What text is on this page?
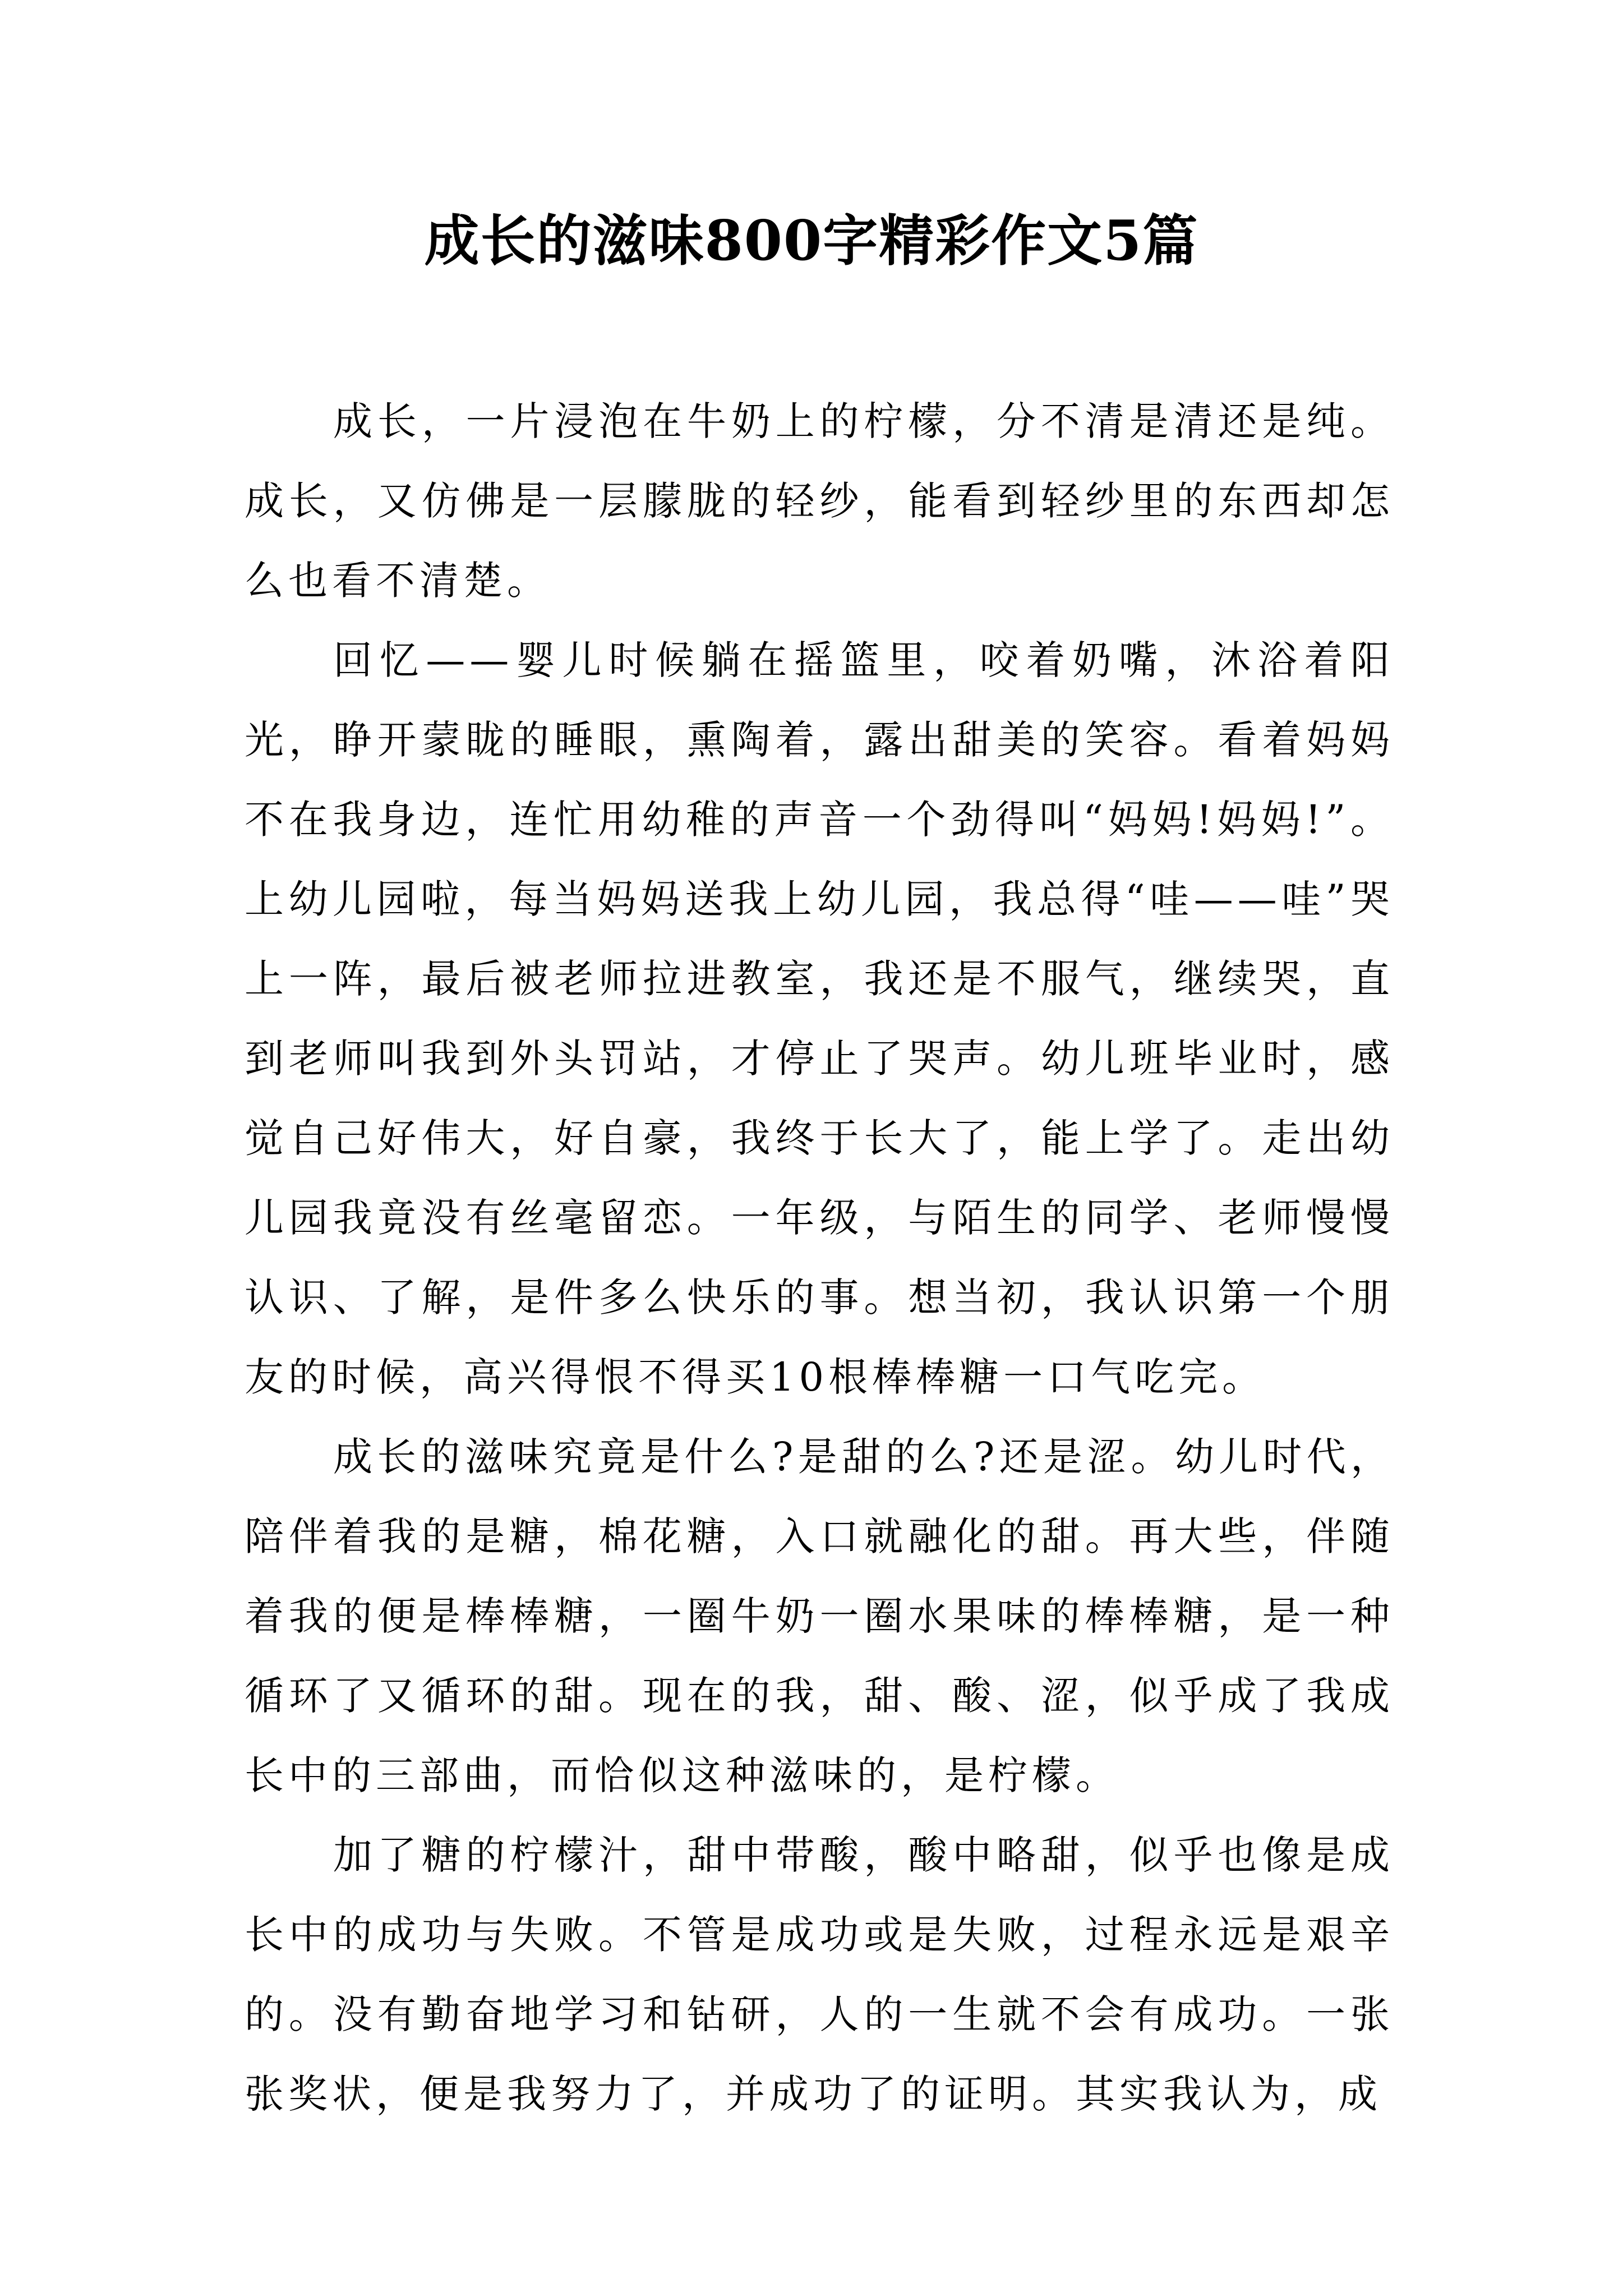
成长的滋味800字精彩作文5篇

成长，一片浸泡在牛奶上的柠檬，分不清是清还是纯。成长，又仿佛是一层朦胧的轻纱，能看到轻纱里的东西却怎么也看不清楚。

回忆——婴儿时候躺在摇篮里，咬着奶嘴，沐浴着阳光，睁开蒙眬的睡眼，熏陶着，露出甜美的笑容。看着妈妈不在我身边，连忙用幼稚的声音一个劲得叫“妈妈!妈妈!”。上幼儿园啦，每当妈妈送我上幼儿园，我总得“哇——哇”哭上一阵，最后被老师拉进教室，我还是不服气，继续哭，直到老师叫我到外头罚站，才停止了哭声。幼儿班毕业时，感觉自己好伟大，好自豪，我终于长大了，能上学了。走出幼儿园我竟没有丝毫留恋。一年级，与陌生的同学、老师慢慢认识、了解，是件多么快乐的事。想当初，我认识第一个朋友的时候，高兴得恨不得买10根棒棒糖一口气吃完。

成长的滋味究竟是什么?是甜的么?还是涩。幼儿时代，陪伴着我的是糖，棉花糖，入口就融化的甜。再大些，伴随着我的便是棒棒糖，一圈牛奶一圈水果味的棒棒糖，是一种循环了又循环的甜。现在的我，甜、酸、涩，似乎成了我成长中的三部曲，而恰似这种滋味的，是柠檬。

加了糖的柠檬汁，甜中带酸，酸中略甜，似乎也像是成长中的成功与失败。不管是成功或是失败，过程永远是艰辛的。没有勤奋地学习和钻研，人的一生就不会有成功。一张张奖状，便是我努力了，并成功了的证明。其实我认为，成
